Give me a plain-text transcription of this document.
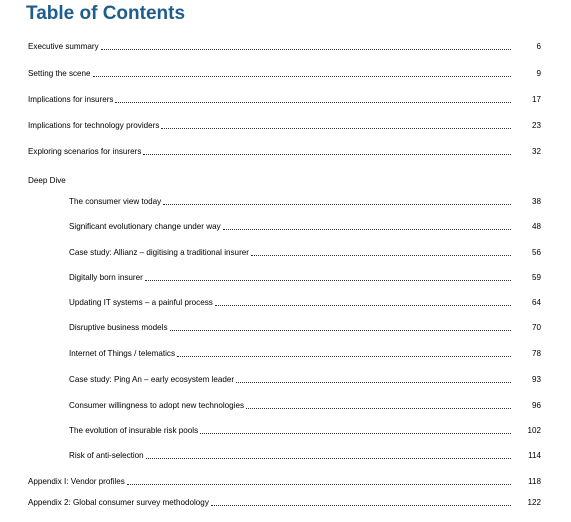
Table of Contents
Executive summary	6
Setting the scene	9
Implications for insurers	17
Implications for technology providers	23
Exploring scenarios for insurers	32
Deep Dive
The consumer view today	38
Significant evolutionary change under way	48
Case study: Allianz – digitising a traditional insurer	56
Digitally born insurer	59
Updating IT systems – a painful process	64
Disruptive business models	70
Internet of Things / telematics	78
Case study: Ping An – early ecosystem leader	93
Consumer willingness to adopt new technologies	96
The evolution of insurable risk pools	102
Risk of anti-selection	114
Appendix I: Vendor profiles	118
Appendix 2: Global consumer survey methodology	122
